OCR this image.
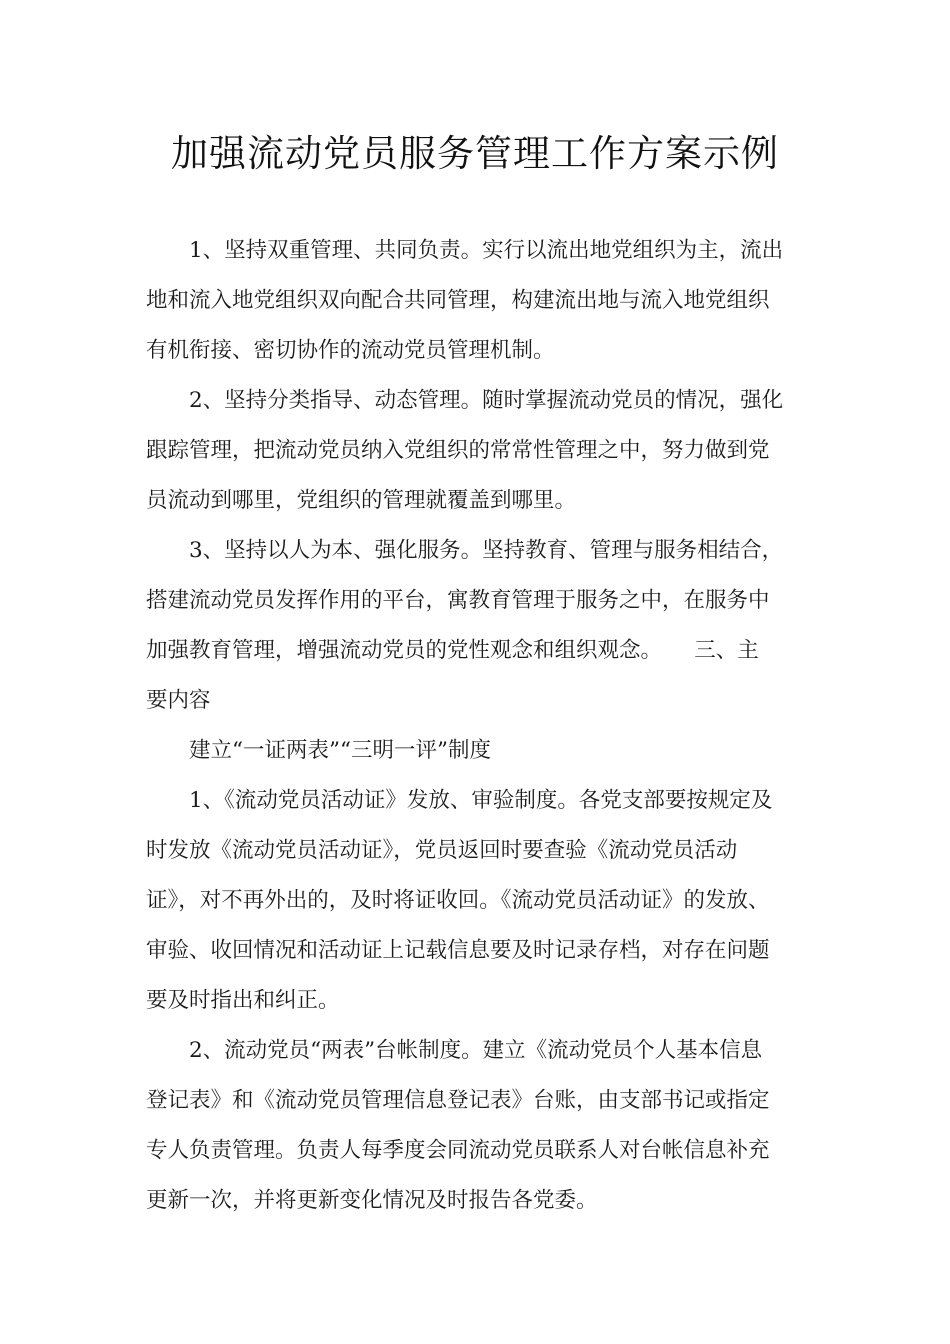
加强流动党员服务管理工作方案示例
1、坚持双重管理、共同负责。实行以流出地党组织为主，流出
地和流入地党组织双向配合共同管理，构建流出地与流入地党组织
有机衔接、密切协作的流动党员管理机制。
2、坚持分类指导、动态管理。随时掌握流动党员的情况，强化
跟踪管理，把流动党员纳入党组织的常常性管理之中，努力做到党
员流动到哪里，党组织的管理就覆盖到哪里。
3、坚持以人为本、强化服务。坚持教育、管理与服务相结合，
搭建流动党员发挥作用的平台，寓教育管理于服务之中，在服务中
加强教育管理，增强流动党员的党性观念和组织观念。　　三、主
要内容
建立“一证两表”“三明一评”制度
1、《流动党员活动证》发放、审验制度。各党支部要按规定及
时发放《流动党员活动证》，党员返回时要查验《流动党员活动
证》，对不再外出的，及时将证收回。《流动党员活动证》的发放、
审验、收回情况和活动证上记载信息要及时记录存档，对存在问题
要及时指出和纠正。
2、流动党员“两表”台帐制度。建立《流动党员个人基本信息
登记表》和《流动党员管理信息登记表》台账，由支部书记或指定
专人负责管理。负责人每季度会同流动党员联系人对台帐信息补充
更新一次，并将更新变化情况及时报告各党委。
